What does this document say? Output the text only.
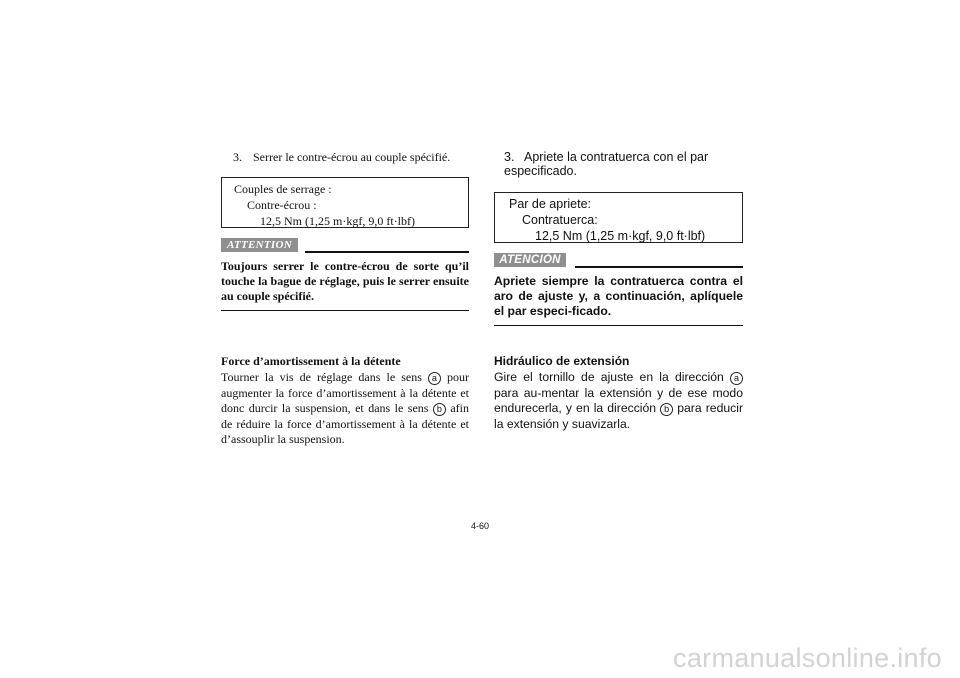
3. Serrer le contre-écrou au couple spécifié.

Couples de serrage :
Contre-écrou :
12,5 Nm (1,25 m·kgf, 9,0 ft·lbf)
ATTENTION
Toujours serrer le contre-écrou de sorte qu’il touche la bague de réglage, puis le serrer ensuite au couple spécifié.
Force d’amortissement à la détente
Tourner la vis de réglage dans le sens a pour augmenter la force d’amortissement à la détente et donc durcir la suspension, et dans le sens b afin de réduire la force d’amortissement à la détente et d’assouplir la suspension.

3. Apriete la contratuerca con el par especificado.

Par de apriete:
Contratuerca:
12,5 Nm (1,25 m·kgf, 9,0 ft·lbf)
ATENCIÓN
Apriete siempre la contratuerca contra el aro de ajuste y, a continuación, aplíquele el par especi-ficado.
Hidráulico de extensión
Gire el tornillo de ajuste en la dirección a para au-mentar la extensión y de ese modo endurecerla, y en la dirección b para reducir la extensión y suavizarla.
4-60
carmanualsonline.info
